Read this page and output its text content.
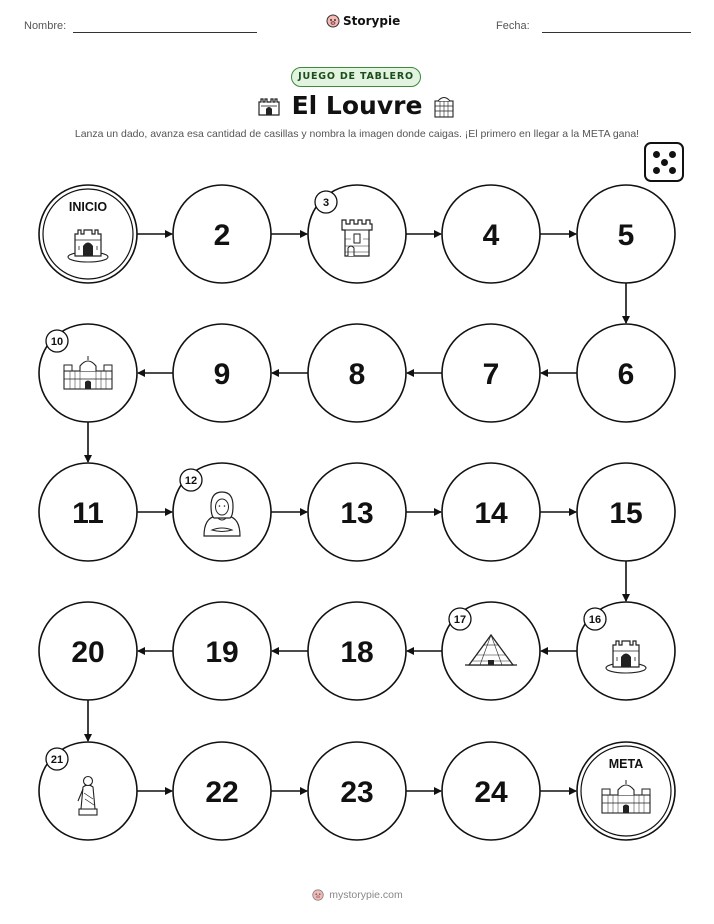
Nombre:	Storypie	Fecha:
JUEGO DE TABLERO
El Louvre
Lanza un dado, avanza esa cantidad de casillas y nombra la imagen donde caigas. ¡El primero en llegar a la META gana!
INICIO
2
3
4	5
6
7
8
9
10
11
12
13	14	15
16
17
18
19
20
21
22	23	24
META
mystorypie.com
